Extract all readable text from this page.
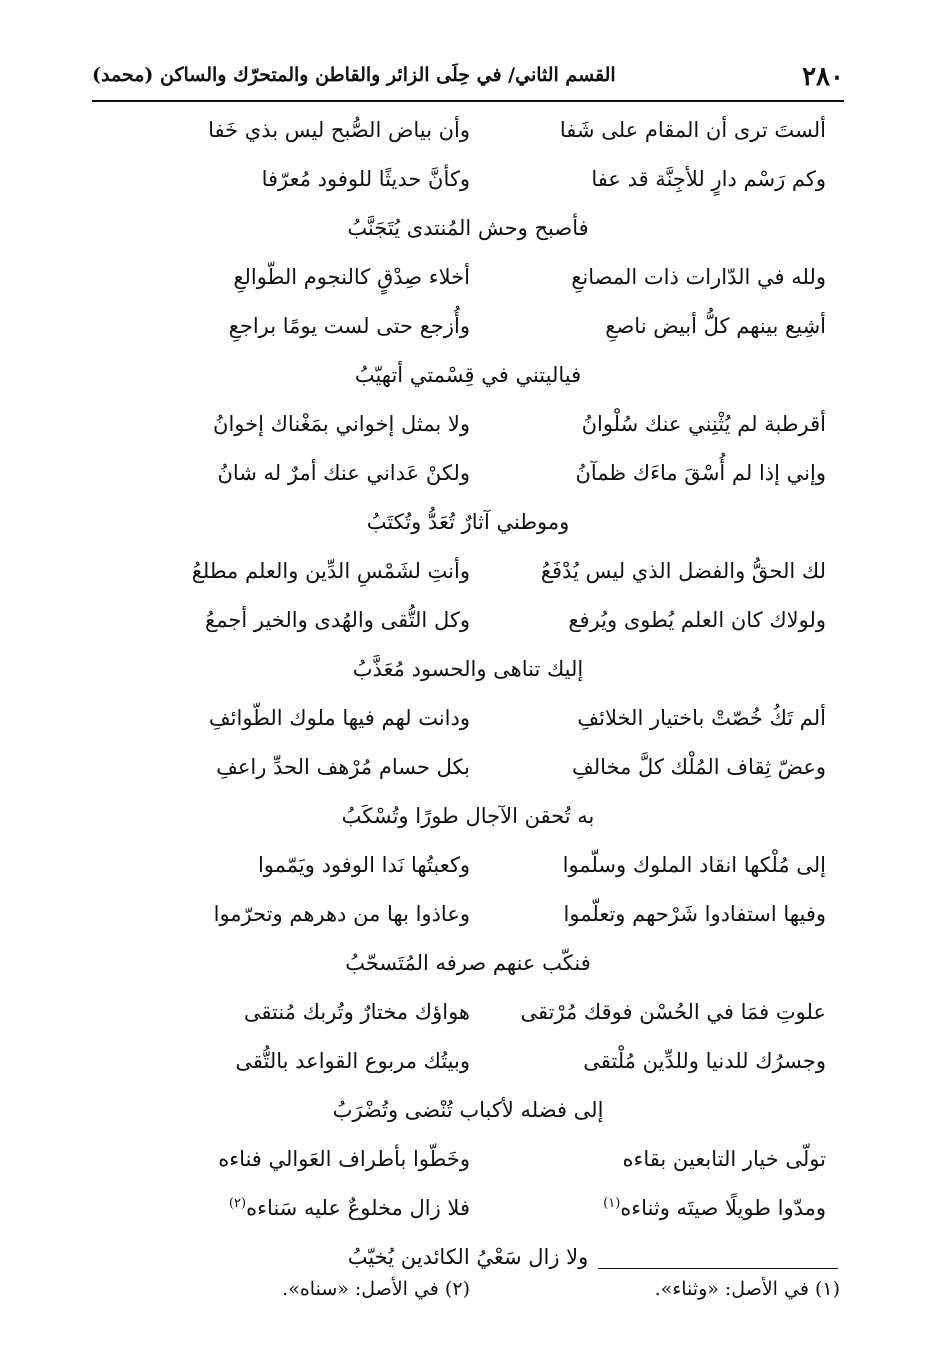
٢٨٠
القسم الثاني/ في حِلَى الزائر والقاطن والمتحرّك والساكن (محمد)
ألستَ ترى أن المقام على شَفا
وأن بياض الصُّبح ليس بذي خَفا
وكم رَسْم دارٍ للأجِنَّة قد عفا
وكأنَّ حديثًا للوفود مُعرّفا
فأصبح وحش المُنتدى يُتَجَنَّبُ
ولله في الدّارات ذات المصانعِ
أخلاء صِدْقٍ كالنجوم الطّوالعِ
أشِيع بينهم كلُّ أبيض ناصعِ
وأُزجع حتى لست يومًا براجعِ
فياليتني في قِسْمتي أتهيّبُ
أقرطبة لم يُثْنِني عنك سُلْوانُ
ولا بمثل إخواني بمَغْناك إخوانُ
وإني إذا لم أُسْقَ ماءَك ظمآنُ
ولكنْ عَداني عنك أمرٌ له شانُ
وموطني آثارٌ تُعَدُّ وتُكتَبُ
لك الحقُّ والفضل الذي ليس يُدْفَعُ
وأنتِ لشَمْسِ الدِّين والعلم مطلعُ
ولولاك كان العلم يُطوى ويُرفع
وكل التُّقى والهُدى والخير أجمعُ
إليك تناهى والحسود مُعَذَّبُ
ألم تَكُ خُصّتْ باختيار الخلائفِ
ودانت لهم فيها ملوك الطّوائفِ
وعضّ ثِقاف المُلْك كلَّ مخالفِ
بكل حسام مُرْهف الحدِّ راعفِ
به تُحقن الآجال طورًا وتُسْكَبُ
إلى مُلْكها انقاد الملوك وسلّموا
وكعبتُها نَدا الوفود ويَمّموا
وفيها استفادوا شَرْحهم وتعلّموا
وعاذوا بها من دهرهم وتحرّموا
فنكّب عنهم صرفه المُتَسحّبُ
علوتِ فمَا في الحُسْن فوقك مُرْتقى
هواؤك مختارٌ وتُربك مُنتقى
وجسرُك للدنيا وللدِّين مُلْتقى
وبيتُك مربوع القواعد بالتُّقى
إلى فضله لأكباب تُنْضى وتُضْرَبُ
تولّى خيار التابعين بقاءه
وخَطّوا بأطراف العَوالي فناءه
ومدّوا طويلًا صيتَه وثناءه$^{(١)}$
فلا زال مخلوعٌ عليه سَناءه$^{(٢)}$
ولا زال سَعْيُ الكائدين يُخيّبُ
(١) في الأصل: «وثناء».
(٢) في الأصل: «سناه».
